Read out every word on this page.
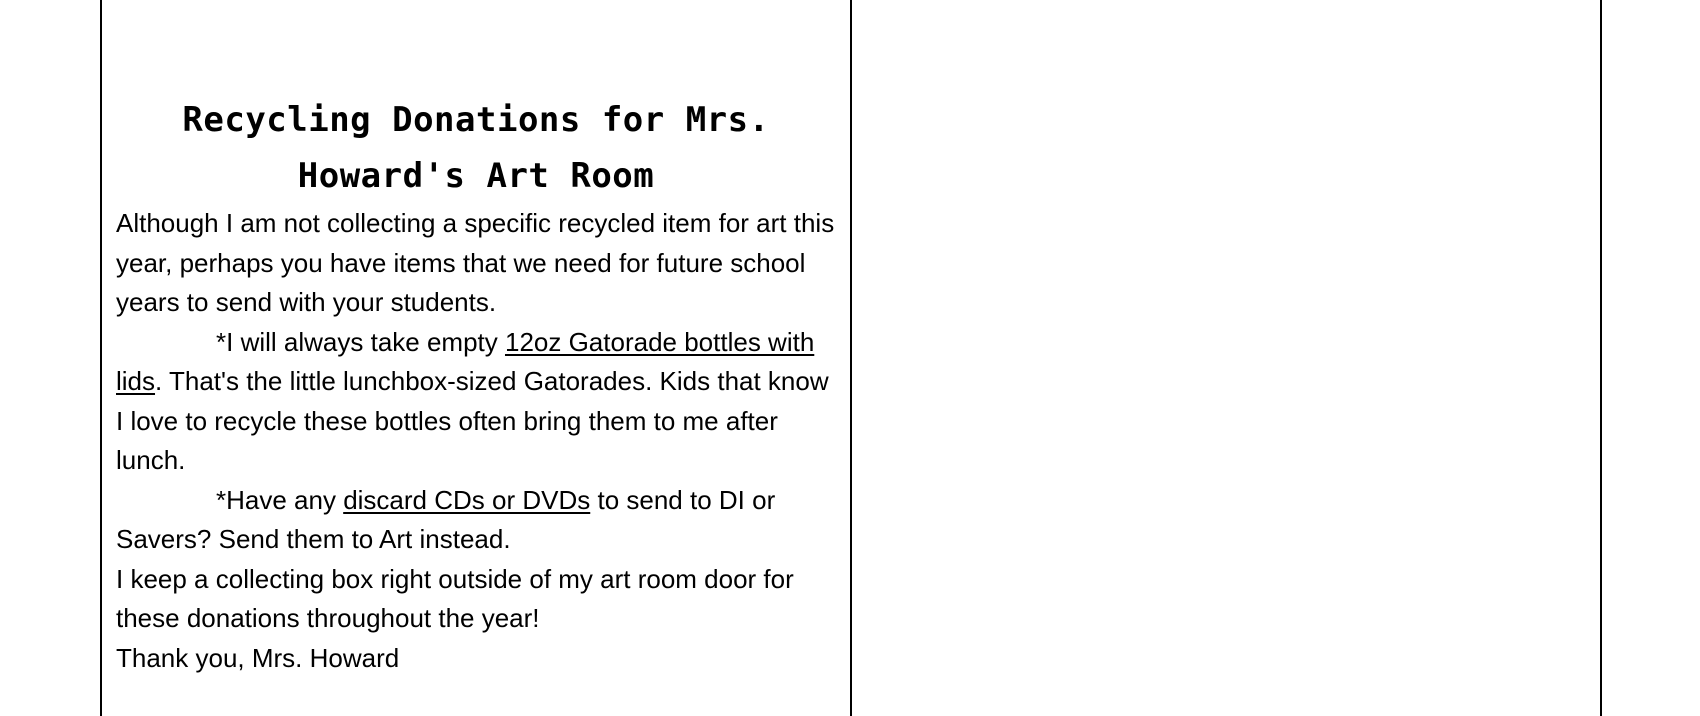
Recycling Donations for Mrs. Howard's Art Room

Although I am not collecting a specific recycled item for art this year, perhaps you have items that we need for future school years to send with your students.

*I will always take empty 12oz Gatorade bottles with lids. That's the little lunchbox-sized Gatorades. Kids that know I love to recycle these bottles often bring them to me after lunch.

*Have any discard CDs or DVDs to send to DI or Savers? Send them to Art instead.

I keep a collecting box right outside of my art room door for these donations throughout the year!

Thank you, Mrs. Howard
